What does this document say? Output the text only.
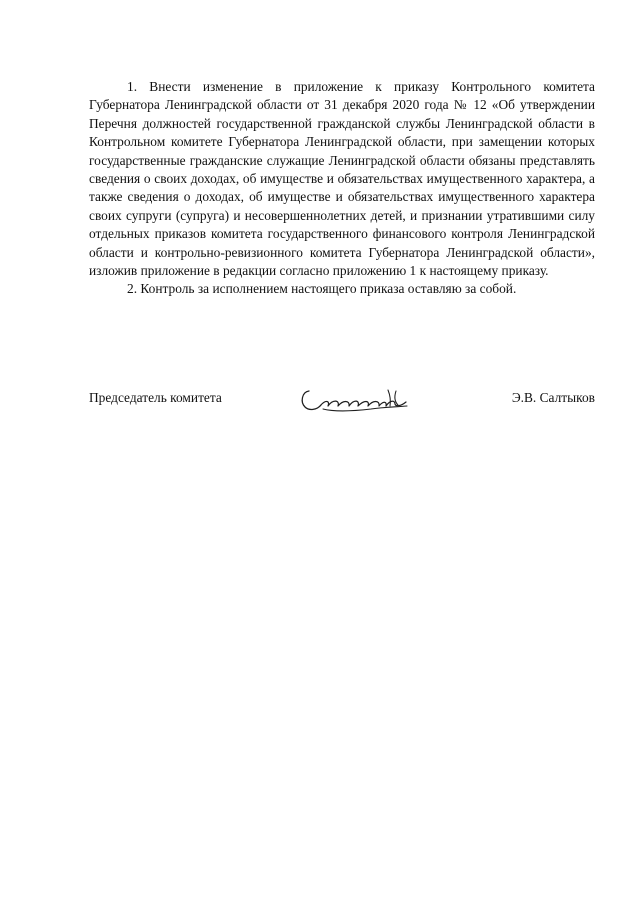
1. Внести изменение в приложение к приказу Контрольного комитета Губернатора Ленинградской области от 31 декабря 2020 года № 12 «Об утверждении Перечня должностей государственной гражданской службы Ленинградской области в Контрольном комитете Губернатора Ленинградской области, при замещении которых государственные гражданские служащие Ленинградской области обязаны представлять сведения о своих доходах, об имуществе и обязательствах имущественного характера, а также сведения о доходах, об имуществе и обязательствах имущественного характера своих супруги (супруга) и несовершеннолетних детей, и признании утратившими силу отдельных приказов комитета государственного финансового контроля Ленинградской области и контрольно-ревизионного комитета Губернатора Ленинградской области», изложив приложение в редакции согласно приложению 1 к настоящему приказу.

2. Контроль за исполнением настоящего приказа оставляю за собой.

Председатель комитета	Э.В. Салтыков
